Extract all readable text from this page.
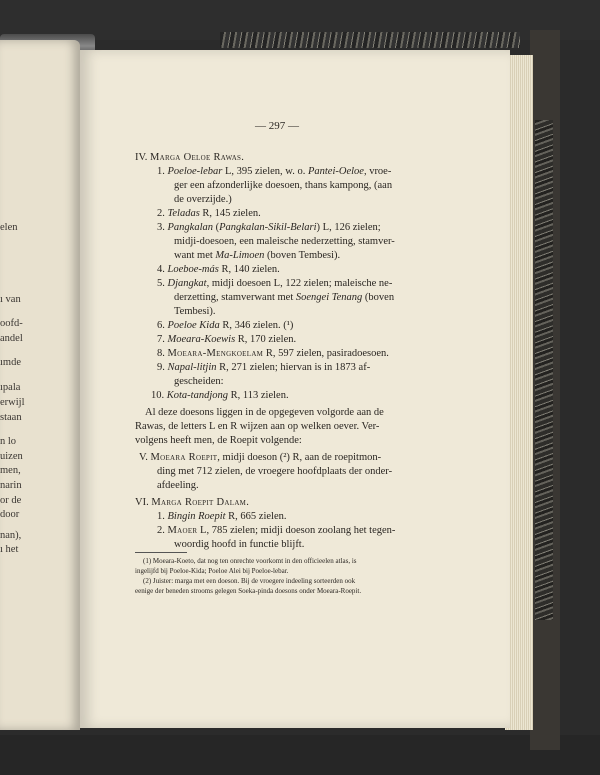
elen
ı van
oofd-
andel
ımde
ıpala
erwijl
staan
n lo
uizen
men,
narin
or de
door
nan),
ı het
— 297 —
IV. Marga Oeloe Rawas.
1. Poeloe-lebar L, 395 zielen, w. o. Pantei-Oeloe, vroe-
ger een afzonderlijke doesoen, thans kampong, (aan
de overzijde.)
2. Teladas R, 145 zielen.
3. Pangkalan (Pangkalan-Sikil-Belari) L, 126 zielen;
midji-doesoen, een maleische nederzetting, stamver-
want met Ma-Limoen (boven Tembesi).
4. Loeboe-más R, 140 zielen.
5. Djangkat, midji doesoen L, 122 zielen; maleische ne-
derzetting, stamverwant met Soengei Tenang (boven
Tembesi).
6. Poeloe Kida R, 346 zielen. (¹)
7. Moeara-Koewis R, 170 zielen.
8. Moeara-Mengkoelam R, 597 zielen, pasiradoesoen.
9. Napal-litjin R, 271 zielen; hiervan is in 1873 af-
gescheiden:
10. Kota-tandjong R, 113 zielen.
Al deze doesons liggen in de opgegeven volgorde aan de
Rawas, de letters L en R wijzen aan op welken oever. Ver-
volgens heeft men, de Roepit volgende:
V. Moeara Roepit, midji doeson (²) R, aan de roepitmon-
ding met 712 zielen, de vroegere hoofdplaats der onder-
afdeeling.
VI. Marga Roepit Dalam.
1. Bingin Roepit R, 665 zielen.
2. Maoer L, 785 zielen; midji doeson zoolang het tegen-
woordig hoofd in functie blijft.
(1) Moeara-Koeto, dat nog ten onrechte voorkomt in den officieelen atlas, is
ingelijfd bij Poeloe-Kida; Poeloe Alei bij Poeloe-lebar.
(2) Juister: marga met een doeson. Bij de vroegere indeeling sorteerden ook
eenige der beneden strooms gelegen Soeka-pinda doesons onder Moeara-Roepit.
